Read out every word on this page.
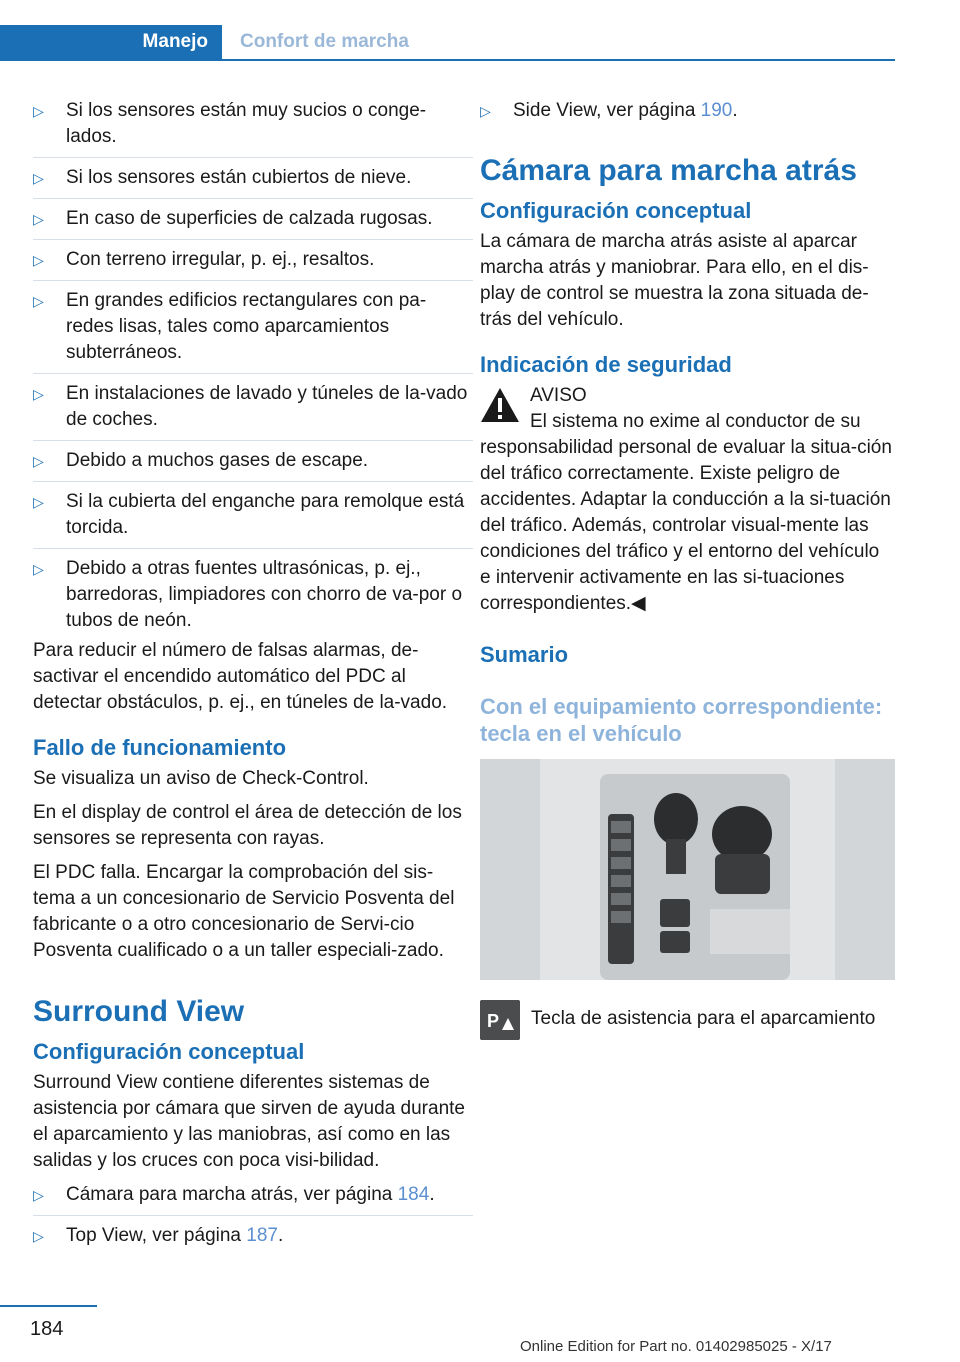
Manejo	Confort de marcha
▷ Si los sensores están muy sucios o conge‐lados.
▷ Si los sensores están cubiertos de nieve.
▷ En caso de superficies de calzada rugosas.
▷ Con terreno irregular, p. ej., resaltos.
▷ En grandes edificios rectangulares con pa‐redes lisas, tales como aparcamientos subterráneos.
▷ En instalaciones de lavado y túneles de la‐vado de coches.
▷ Debido a muchos gases de escape.
▷ Si la cubierta del enganche para remolque está torcida.
▷ Debido a otras fuentes ultrasónicas, p. ej., barredoras, limpiadores con chorro de va‐por o tubos de neón.

Para reducir el número de falsas alarmas, de‐sactivar el encendido automático del PDC al detectar obstáculos, p. ej., en túneles de la‐vado.

Fallo de funcionamiento

Se visualiza un aviso de Check-Control.

En el display de control el área de detección de los sensores se representa con rayas.

El PDC falla. Encargar la comprobación del sis‐tema a un concesionario de Servicio Posventa del fabricante o a otro concesionario de Servi‐cio Posventa cualificado o a un taller especiali‐zado.

Surround View
Configuración conceptual

Surround View contiene diferentes sistemas de asistencia por cámara que sirven de ayuda durante el aparcamiento y las maniobras, así como en las salidas y los cruces con poca visi‐bilidad.

▷ Cámara para marcha atrás, ver página 184.
▷ Top View, ver página 187.
▷ Side View, ver página 190.
Cámara para marcha atrás
Configuración conceptual

La cámara de marcha atrás asiste al aparcar marcha atrás y maniobrar. Para ello, en el dis‐play de control se muestra la zona situada de‐trás del vehículo.

Indicación de seguridad
AVISO
El sistema no exime al conductor de su

responsabilidad personal de evaluar la situa‐ción del tráfico correctamente. Existe peligro de accidentes. Adaptar la conducción a la si‐tuación del tráfico. Además, controlar visual‐mente las condiciones del tráfico y el entorno del vehículo e intervenir activamente en las si‐tuaciones correspondientes.◀

Sumario
Con el equipamiento correspondiente: tecla en el vehículo
P Tecla de asistencia para el aparcamiento
184
Online Edition for Part no. 01402985025 - X/17
